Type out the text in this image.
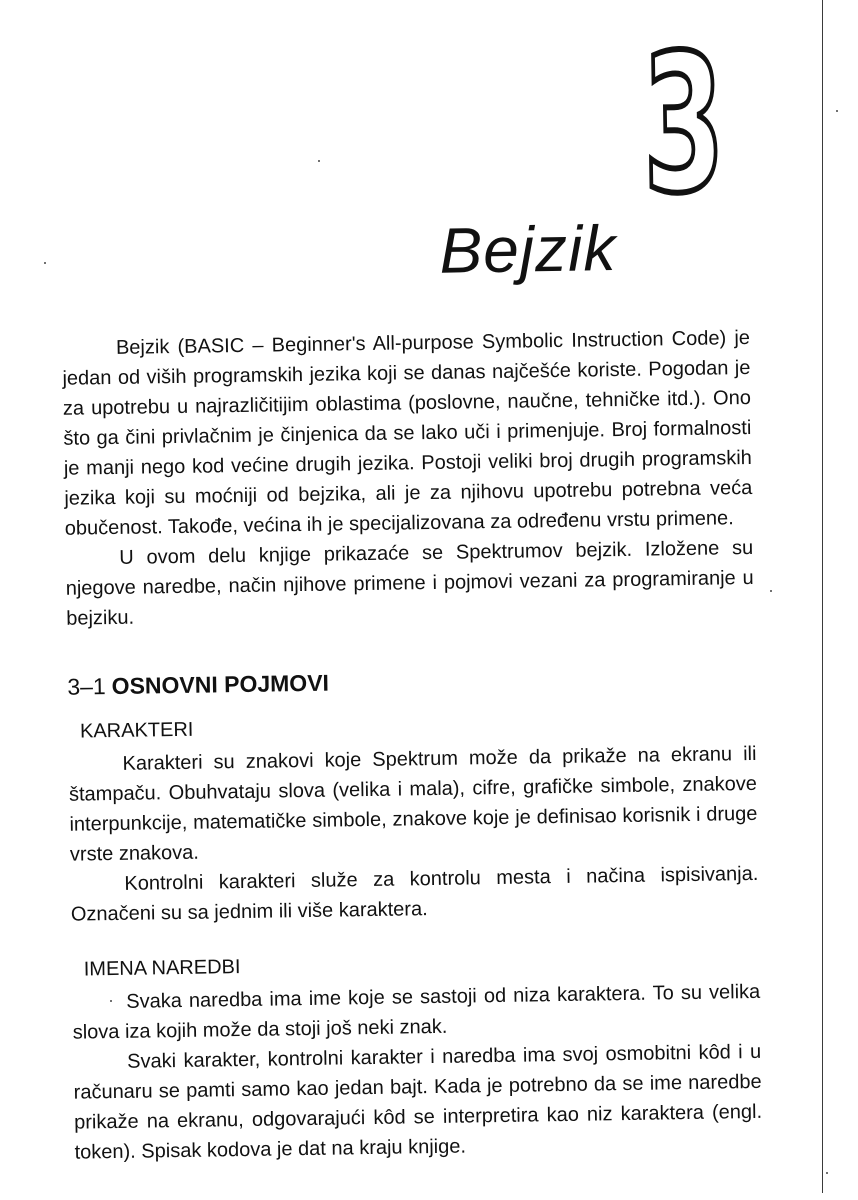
Bejzik
3

Bejzik (BASIC – Beginner's All-purpose Symbolic Instruction Code) je jedan od viših programskih jezika koji se danas najčešće koriste. Pogodan je za upotrebu u najrazličitijim oblastima (poslovne, naučne, tehničke itd.). Ono što ga čini privlačnim je činjenica da se lako uči i primenjuje. Broj formalnosti je manji nego kod većine drugih jezika. Postoji veliki broj drugih programskih jezika koji su moćniji od bejzika, ali je za njihovu upotrebu potrebna veća obučenost. Takođe, većina ih je specijalizovana za određenu vrstu primene.

U ovom delu knjige prikazaće se Spektrumov bejzik. Izložene su njegove naredbe, način njihove primene i pojmovi vezani za programiranje u bejziku.

3–1 OSNOVNI POJMOVI
KARAKTERI

Karakteri su znakovi koje Spektrum može da prikaže na ekranu ili štampaču. Obuhvataju slova (velika i mala), cifre, grafičke simbole, znakove interpunkcije, matematičke simbole, znakove koje je definisao korisnik i druge vrste znakova.

Kontrolni karakteri služe za kontrolu mesta i načina ispisivanja. Označeni su sa jednim ili više karaktera.

IMENA NAREDBI

Svaka naredba ima ime koje se sastoji od niza karaktera. To su velika slova iza kojih može da stoji još neki znak.

Svaki karakter, kontrolni karakter i naredba ima svoj osmobitni kôd i u računaru se pamti samo kao jedan bajt. Kada je potrebno da se ime naredbe prikaže na ekranu, odgovarajući kôd se interpretira kao niz karaktera (engl. token). Spisak kodova je dat na kraju knjige.
